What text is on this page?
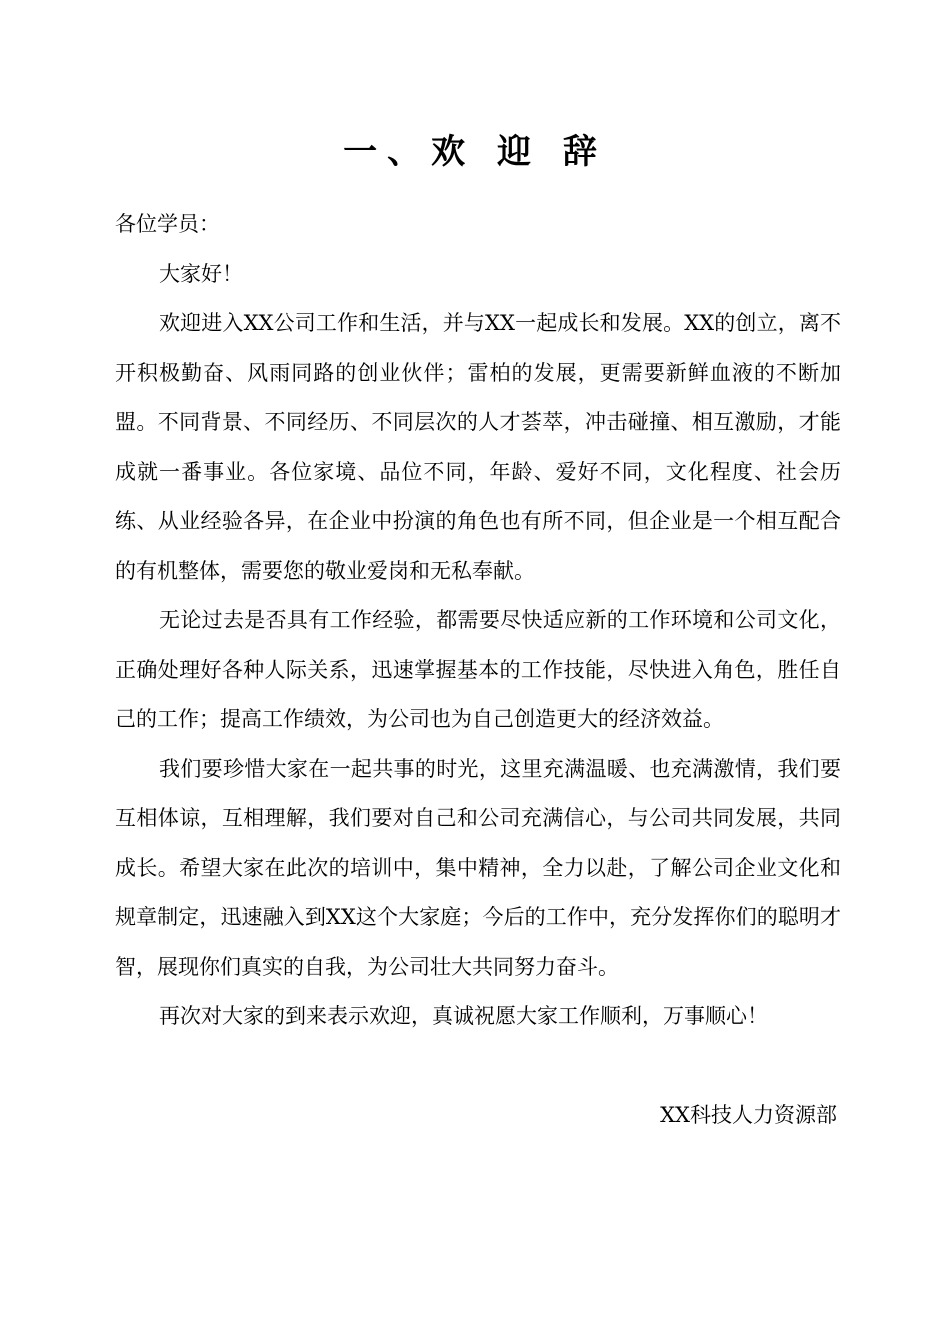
一、欢 迎 辞

各位学员：

大家好！

欢迎进入XX公司工作和生活，并与XX一起成长和发展。XX的创立，离不开积极勤奋、风雨同路的创业伙伴；雷柏的发展，更需要新鲜血液的不断加盟。不同背景、不同经历、不同层次的人才荟萃，冲击碰撞、相互激励，才能成就一番事业。各位家境、品位不同，年龄、爱好不同，文化程度、社会历练、从业经验各异，在企业中扮演的角色也有所不同，但企业是一个相互配合的有机整体，需要您的敬业爱岗和无私奉献。

无论过去是否具有工作经验，都需要尽快适应新的工作环境和公司文化，正确处理好各种人际关系，迅速掌握基本的工作技能，尽快进入角色，胜任自己的工作；提高工作绩效，为公司也为自己创造更大的经济效益。

我们要珍惜大家在一起共事的时光，这里充满温暖、也充满激情，我们要互相体谅，互相理解，我们要对自己和公司充满信心，与公司共同发展，共同成长。希望大家在此次的培训中，集中精神，全力以赴，了解公司企业文化和规章制定，迅速融入到XX这个大家庭；今后的工作中，充分发挥你们的聪明才智，展现你们真实的自我，为公司壮大共同努力奋斗。

再次对大家的到来表示欢迎，真诚祝愿大家工作顺利，万事顺心！

XX科技人力资源部
